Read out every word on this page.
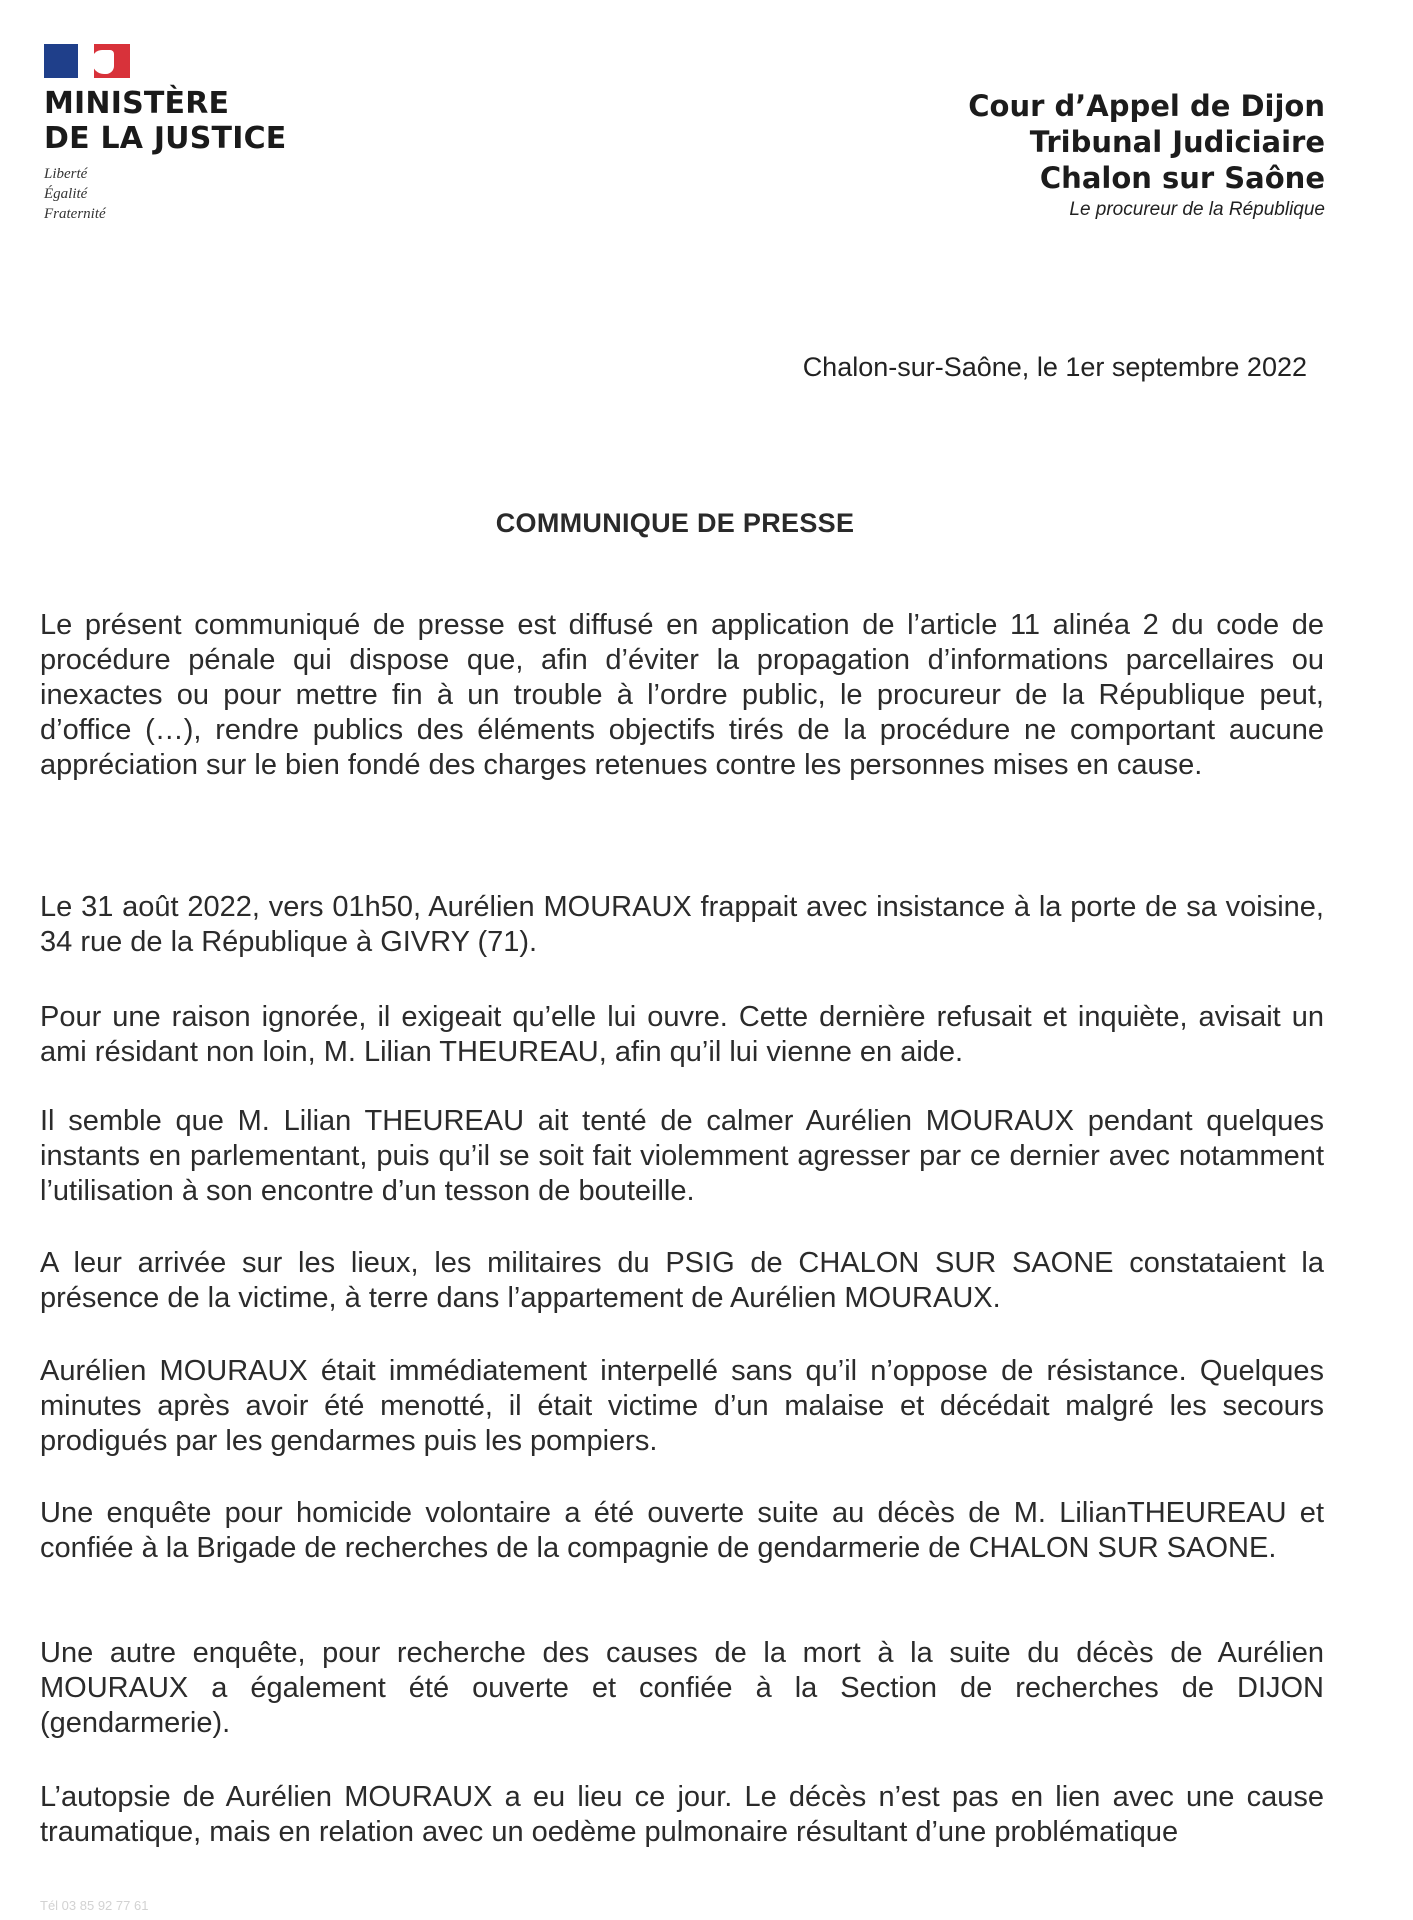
MINISTÈRE
DE LA JUSTICE
Liberté
Égalité
Fraternité
Cour d’Appel de Dijon
Tribunal Judiciaire
Chalon sur Saône
Le procureur de la République
Chalon-sur-Saône, le 1er septembre 2022
COMMUNIQUE DE PRESSE

Le présent communiqué de presse est diffusé en application de l’article 11 alinéa 2 du code de procédure pénale qui dispose que, afin d’éviter la propagation d’informations parcellaires ou inexactes ou pour mettre fin à un trouble à l’ordre public, le procureur de la République peut, d’office (…), rendre publics des éléments objectifs tirés de la procédure ne comportant aucune appréciation sur le bien fondé des charges retenues contre les personnes mises en cause.

Le 31 août 2022, vers 01h50, Aurélien MOURAUX frappait avec insistance à la porte de sa voisine, 34 rue de la République à GIVRY (71).

Pour une raison ignorée, il exigeait qu’elle lui ouvre. Cette dernière refusait et inquiète, avisait un ami résidant non loin, M. Lilian THEUREAU, afin qu’il lui vienne en aide.

Il semble que M. Lilian THEUREAU ait tenté de calmer Aurélien MOURAUX pendant quelques instants en parlementant, puis qu’il se soit fait violemment agresser par ce dernier avec notamment l’utilisation à son encontre d’un tesson de bouteille.

A leur arrivée sur les lieux, les militaires du PSIG de CHALON SUR SAONE constataient la présence de la victime, à terre dans l’appartement de Aurélien MOURAUX.

Aurélien MOURAUX était immédiatement interpellé sans qu’il n’oppose de résistance. Quelques minutes après avoir été menotté, il était victime d’un malaise et décédait malgré les secours prodigués par les gendarmes puis les pompiers.

Une enquête pour homicide volontaire a été ouverte suite au décès de M. LilianTHEUREAU et confiée à la Brigade de recherches de la compagnie de gendarmerie de CHALON SUR SAONE.

Une autre enquête, pour recherche des causes de la mort à la suite du décès de Aurélien MOURAUX a également été ouverte et confiée à la Section de recherches de DIJON (gendarmerie).

L’autopsie de Aurélien MOURAUX a eu lieu ce jour. Le décès n’est pas en lien avec une cause traumatique, mais en relation avec un oedème pulmonaire résultant d’une problématique

Tél 03 85 92 77 61
